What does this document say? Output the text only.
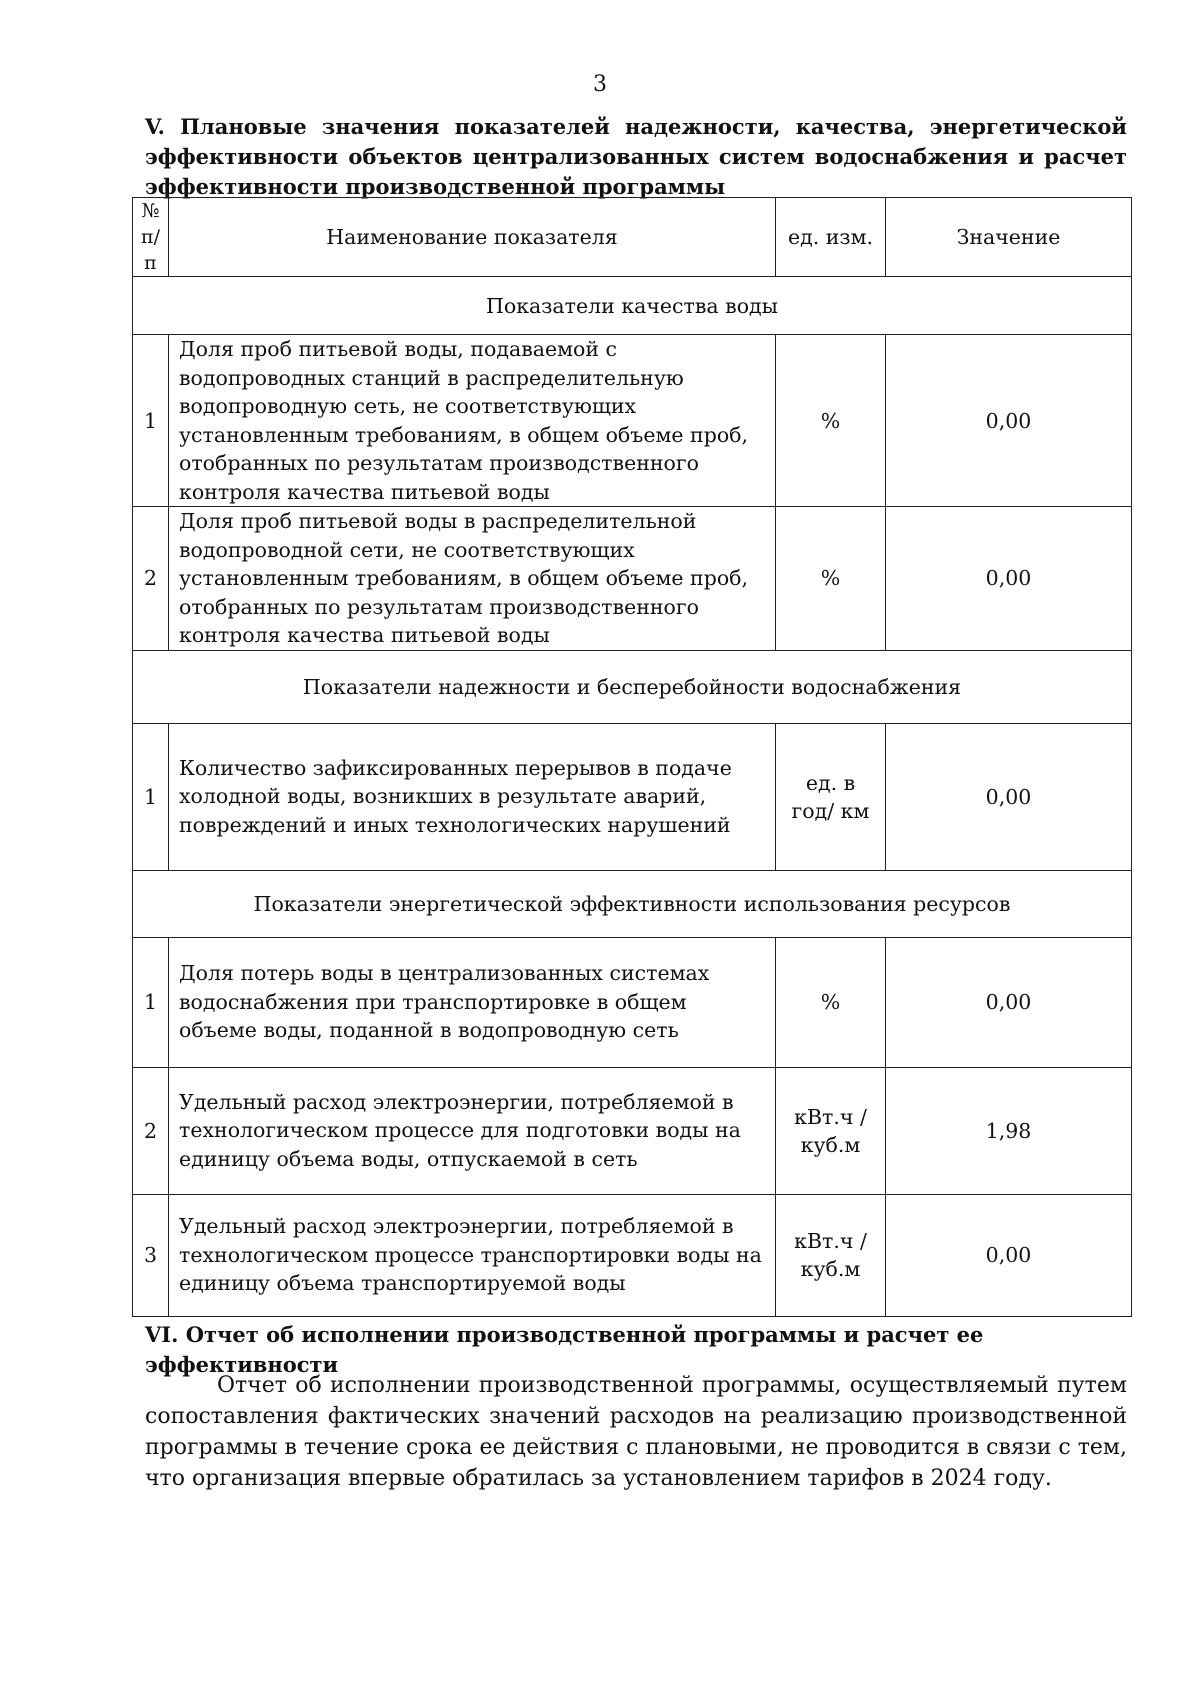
3
V. Плановые значения показателей надежности, качества, энергетической эффективности объектов централизованных систем водоснабжения и расчет эффективности производственной программы
№ п/п	Наименование показателя	ед. изм.	Значение
Показатели качества воды			
1	Доля проб питьевой воды, подаваемой с водопроводных станций в распределительную водопроводную сеть, не соответствующих установленным требованиям, в общем объеме проб, отобранных по результатам производственного контроля качества питьевой воды	%	0,00
2	Доля проб питьевой воды в распределительной водопроводной сети, не соответствующих установленным требованиям, в общем объеме проб, отобранных по результатам производственного контроля качества питьевой воды	%	0,00
Показатели надежности и бесперебойности водоснабжения			
1	Количество зафиксированных перерывов в подаче холодной воды, возникших в результате аварий, повреждений и иных технологических нарушений	ед. в год/ км	0,00
Показатели энергетической эффективности использования ресурсов			
1	Доля потерь воды в централизованных системах водоснабжения при транспортировке в общем объеме воды, поданной в водопроводную сеть	%	0,00
2	Удельный расход электроэнергии, потребляемой в технологическом процессе для подготовки воды на единицу объема воды, отпускаемой в сеть	кВт.ч / куб.м	1,98
3	Удельный расход электроэнергии, потребляемой в технологическом процессе транспортировки воды на единицу объема транспортируемой воды	кВт.ч / куб.м	0,00
VI. Отчет об исполнении производственной программы и расчет ее эффективности

Отчет об исполнении производственной программы, осуществляемый путем сопоставления фактических значений расходов на реализацию производственной программы в течение срока ее действия с плановыми, не проводится в связи с тем, что организация впервые обратилась за установлением тарифов в 2024 году.
